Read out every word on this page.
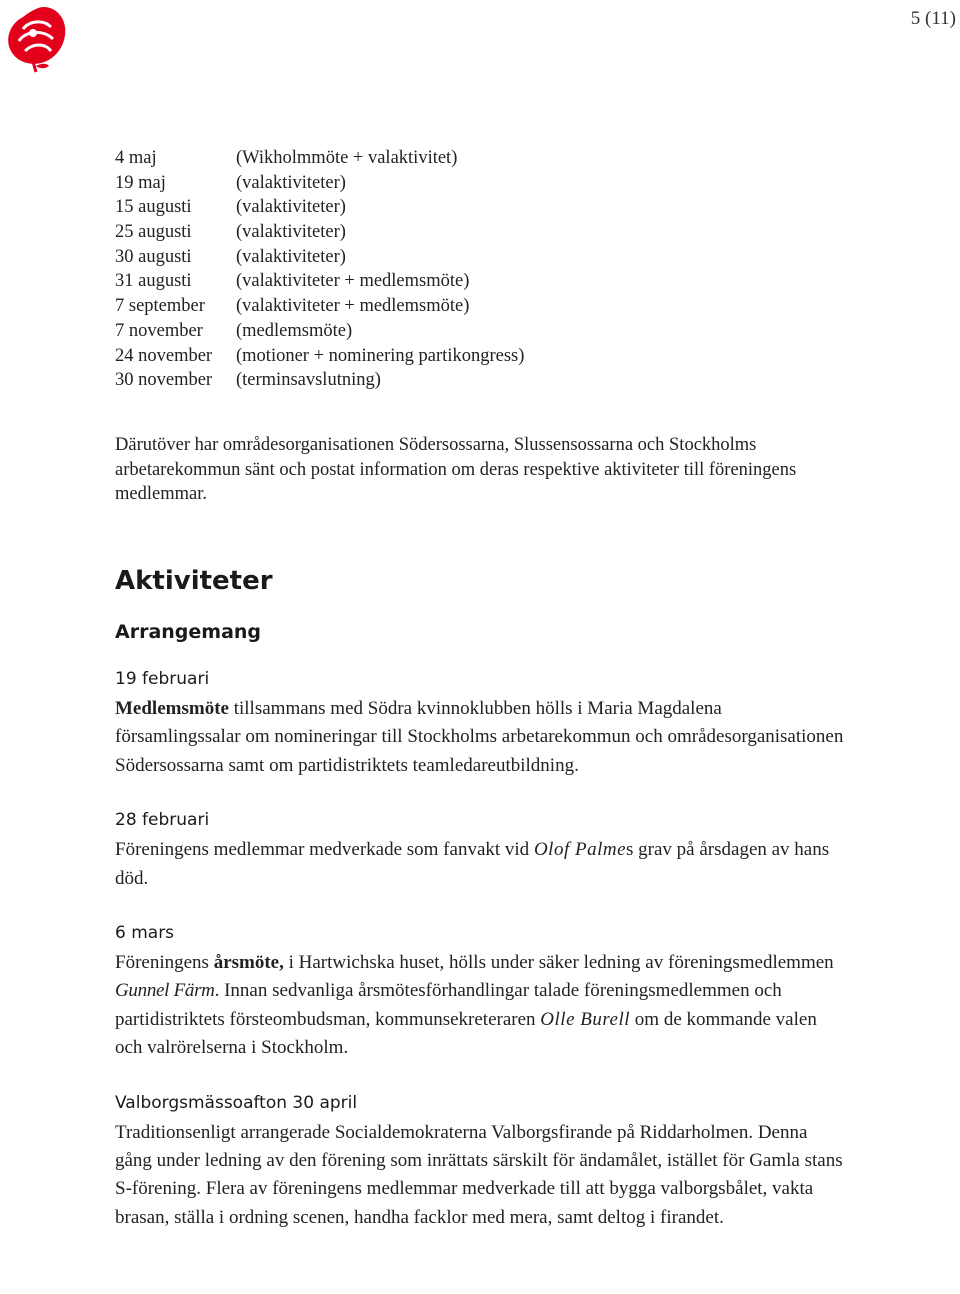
5 (11)
4 maj	(Wikholmmöte + valaktivitet)
19 maj	(valaktiviteter)
15 augusti	(valaktiviteter)
25 augusti	(valaktiviteter)
30 augusti	(valaktiviteter)
31 augusti	(valaktiviteter + medlemsmöte)
7 september	(valaktiviteter + medlemsmöte)
7 november	(medlemsmöte)
24 november	(motioner + nominering partikongress)
30 november	(terminsavslutning)

Därutöver har områdesorganisationen Södersossarna, Slussensossarna och Stockholms arbetarekommun sänt och postat information om deras respektive aktiviteter till föreningens medlemmar.

Aktiviteter
Arrangemang
19 februari

Medlemsmöte tillsammans med Södra kvinnoklubben hölls i Maria Magdalena församlingssalar om nomineringar till Stockholms arbetarekommun och områdesorganisationen Södersossarna samt om partidistriktets teamledareutbildning.

28 februari

Föreningens medlemmar medverkade som fanvakt vid Olof Palmes grav på årsdagen av hans död.

6 mars

Föreningens årsmöte, i Hartwichska huset, hölls under säker ledning av föreningsmedlemmen Gunnel Färm. Innan sedvanliga årsmötesförhandlingar talade föreningsmedlemmen och partidistriktets försteombudsman, kommunsekreteraren Olle Burell om de kommande valen och valrörelserna i Stockholm.

Valborgsmässoafton 30 april

Traditionsenligt arrangerade Socialdemokraterna Valborgsfirande på Riddarholmen. Denna gång under ledning av den förening som inrättats särskilt för ändamålet, istället för Gamla stans S-förening. Flera av föreningens medlemmar medverkade till att bygga valborgsbålet, vakta brasan, ställa i ordning scenen, handha facklor med mera, samt deltog i firandet.
